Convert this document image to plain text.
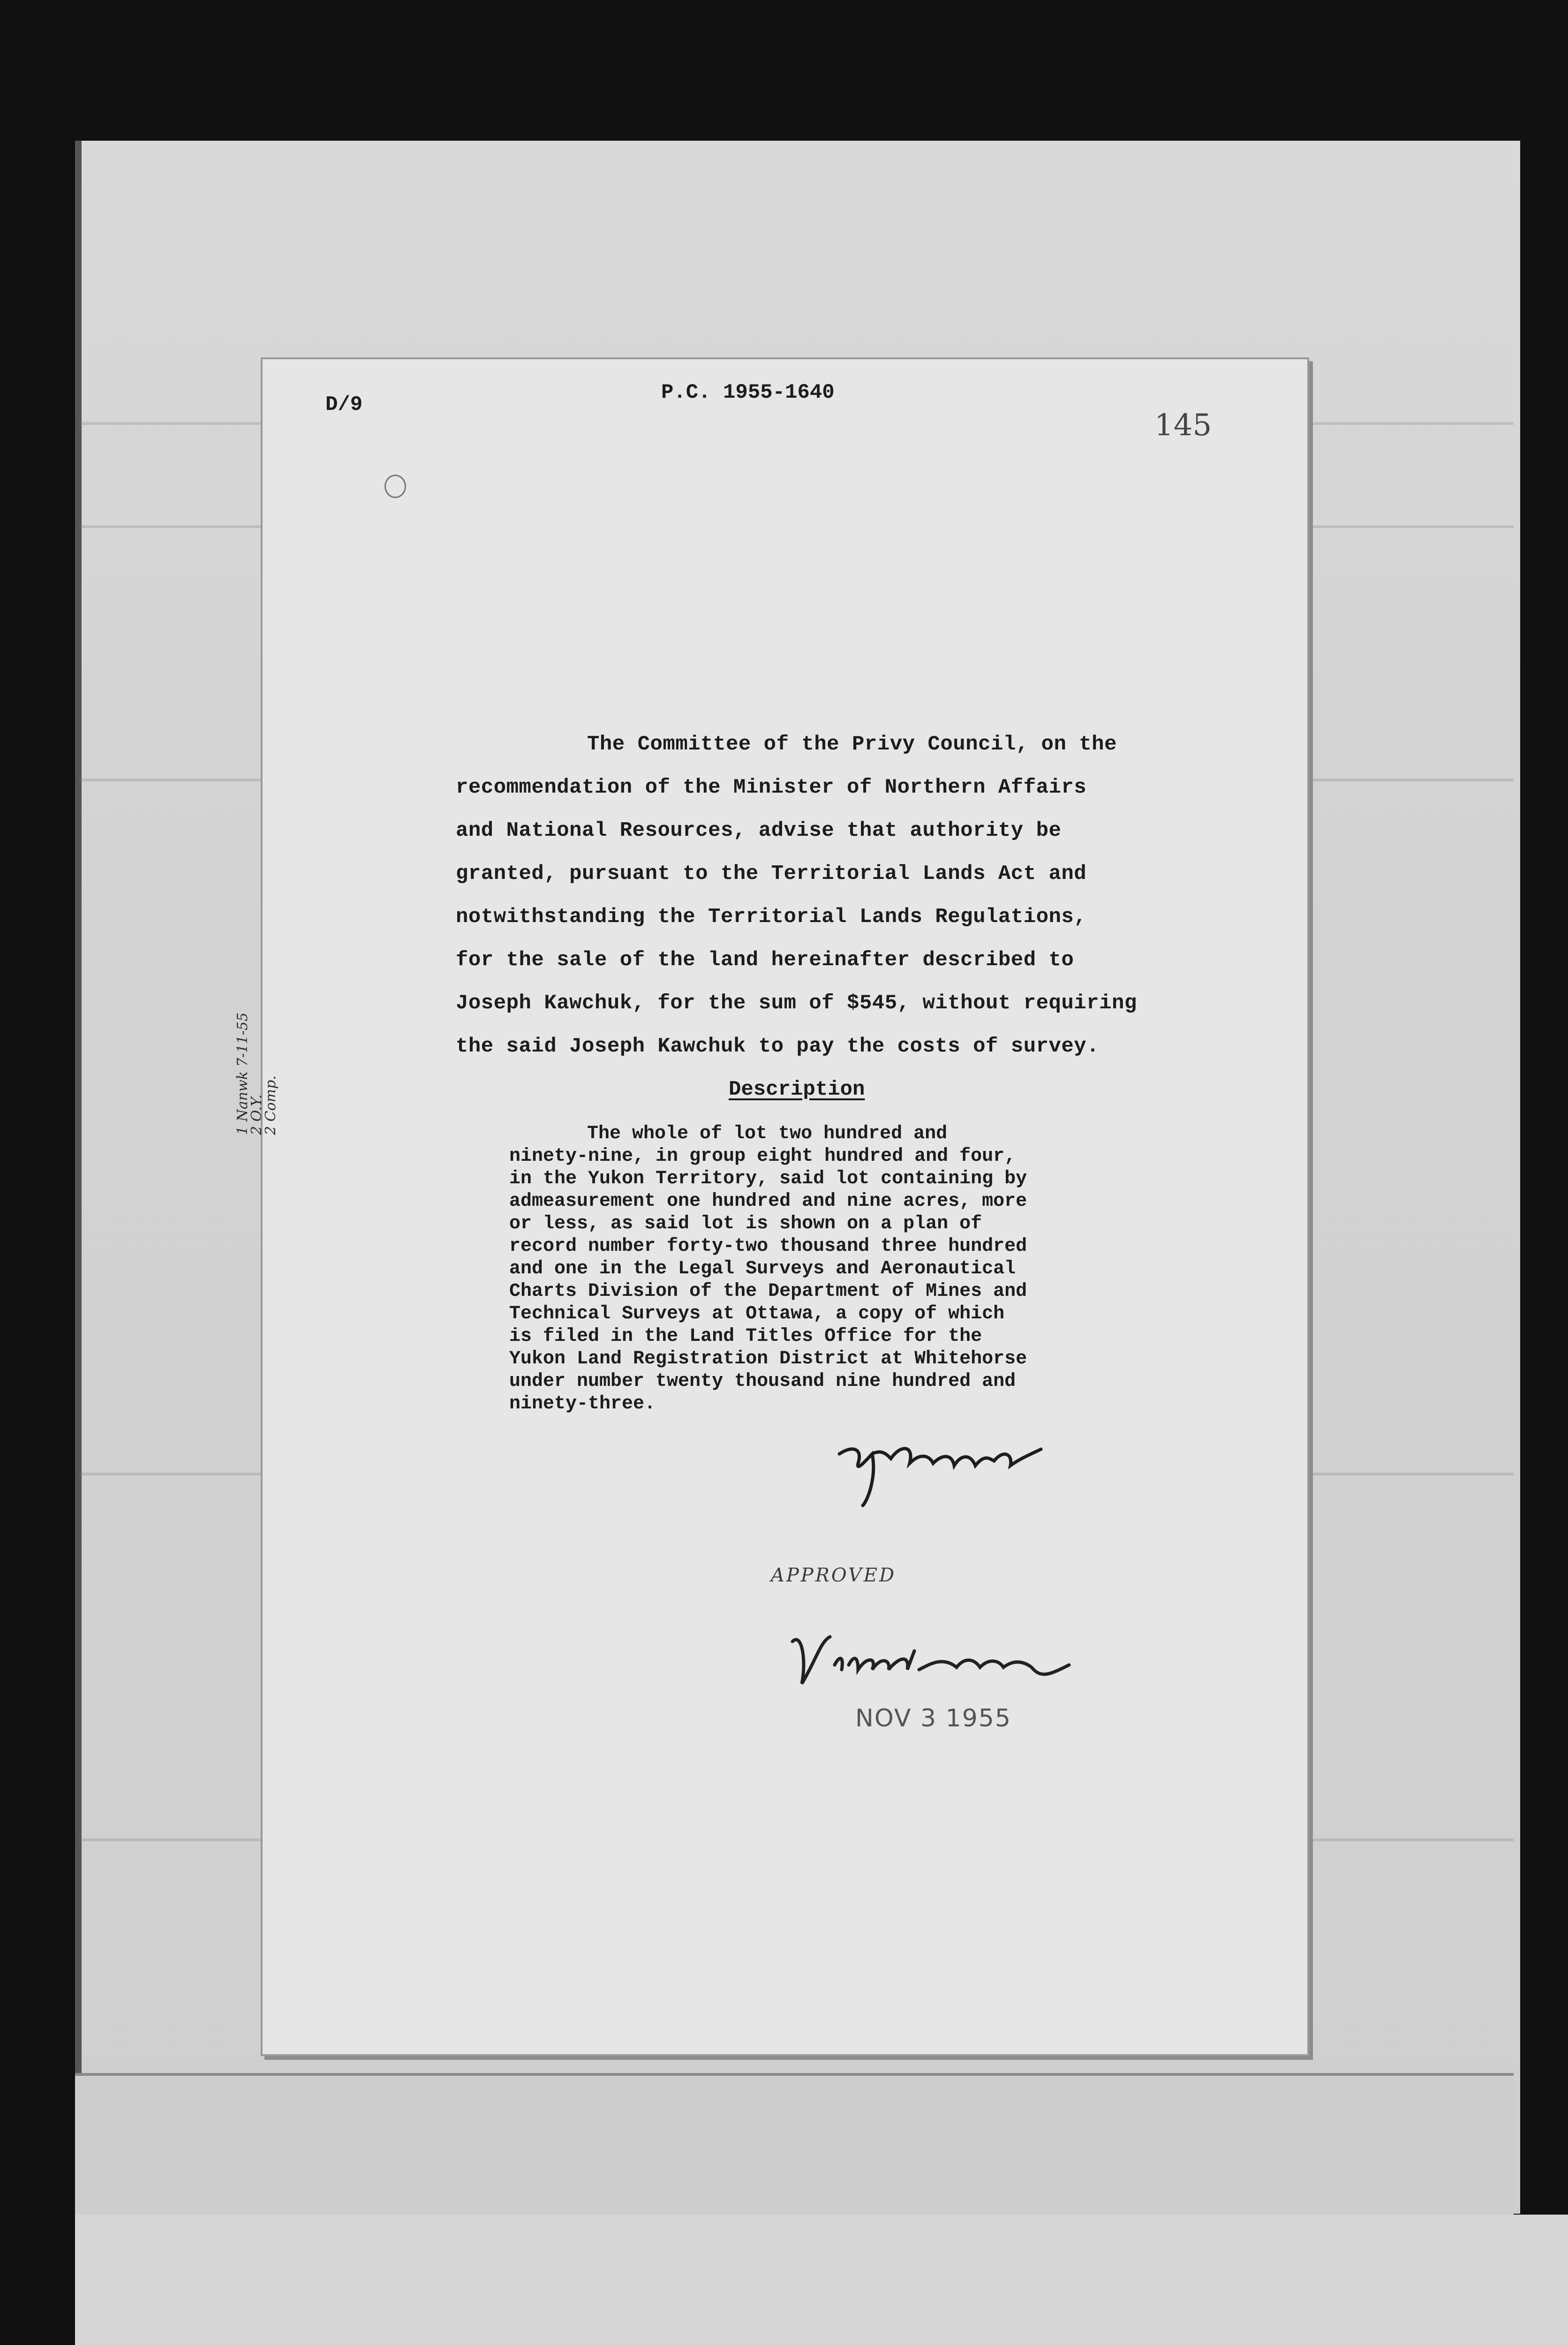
D/9
P.C. 1955-1640
145
The Committee of the Privy Council, on the
recommendation of the Minister of Northern Affairs
and National Resources, advise that authority be
granted, pursuant to the Territorial Lands Act and
notwithstanding the Territorial Lands Regulations,
for the sale of the land hereinafter described to
Joseph Kawchuk, for the sum of $545, without requiring
the said Joseph Kawchuk to pay the costs of survey.
Description
The whole of lot two hundred and
ninety-nine, in group eight hundred and four,
in the Yukon Territory, said lot containing by
admeasurement one hundred and nine acres, more
or less, as said lot is shown on a plan of
record number forty-two thousand three hundred
and one in the Legal Surveys and Aeronautical
Charts Division of the Department of Mines and
Technical Surveys at Ottawa, a copy of which
is filed in the Land Titles Office for the
Yukon Land Registration District at Whitehorse
under number twenty thousand nine hundred and
ninety-three.
1 Nanwk 7-11-55
2 O.Y.
2 Comp.
APPROVED
NOV 3 1955
